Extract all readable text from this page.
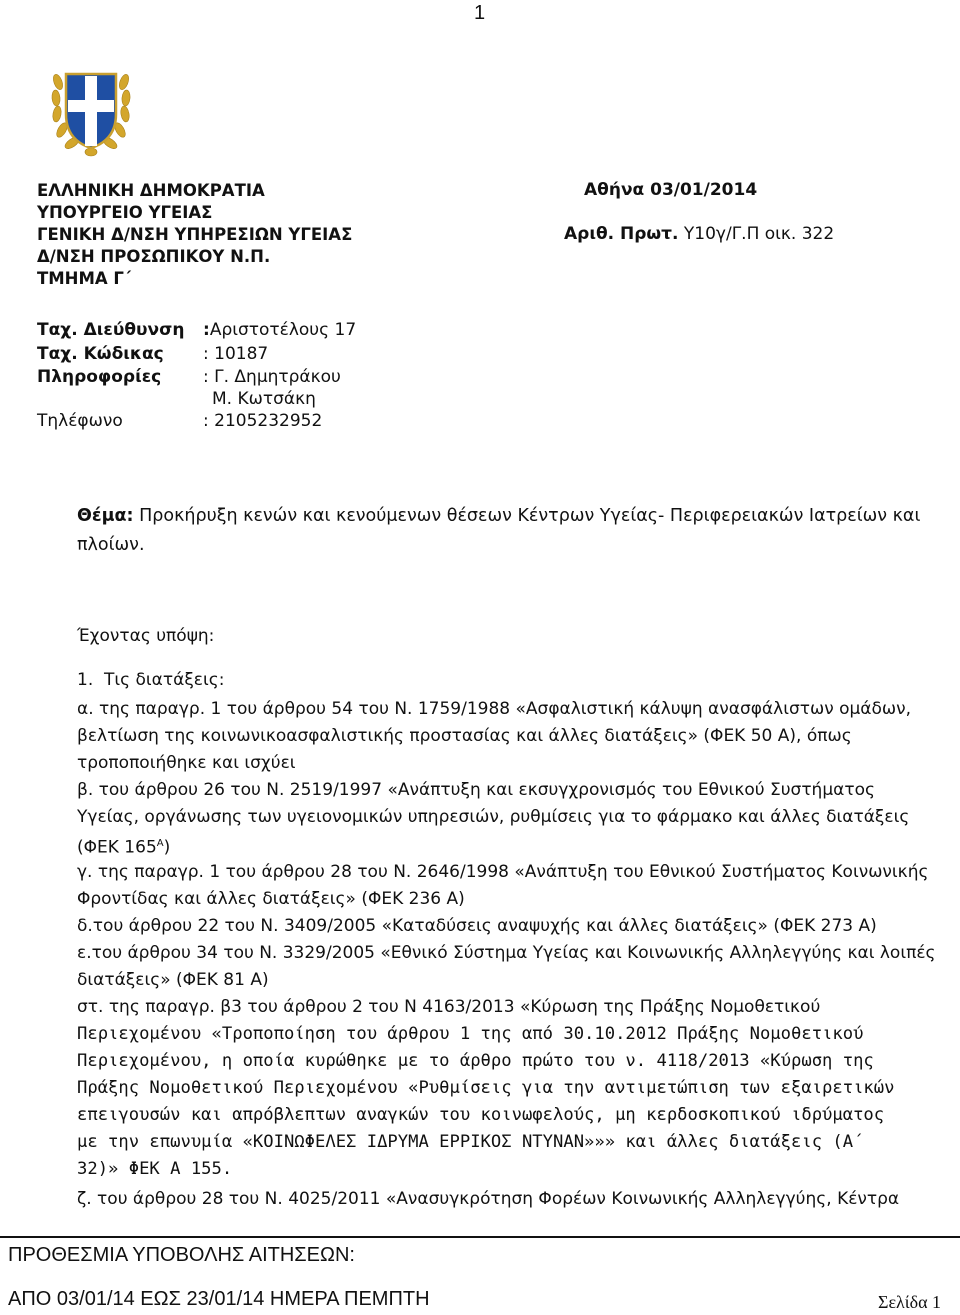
1
ΕΛΛΗΝΙΚΗ ΔΗΜΟΚΡΑΤΙΑ
ΥΠΟΥΡΓΕΙΟ ΥΓΕΙΑΣ
ΓΕΝΙΚΗ Δ/ΝΣΗ ΥΠΗΡΕΣΙΩΝ ΥΓΕΙΑΣ
Δ/ΝΣΗ ΠΡΟΣΩΠΙΚΟΥ Ν.Π.
ΤΜΗΜΑ Γ΄
Αθήνα 03/01/2014
Αριθ. Πρωτ. Υ10γ/Γ.Π οικ. 322
Ταχ. Διεύθυνση :Αριστοτέλους 17
Ταχ. Κώδικας : 10187
Πληροφορίες : Γ. Δημητράκου
Μ. Κωτσάκη
Τηλέφωνο	: 2105232952
Θέμα: Προκήρυξη κενών και κενούμενων θέσεων Κέντρων Υγείας- Περιφερειακών Ιατρείων και
πλοίων.
Έχοντας υπόψη:
1. Τις διατάξεις:
α. της παραγρ. 1 του άρθρου 54 του Ν. 1759/1988 «Ασφαλιστική κάλυψη ανασφάλιστων ομάδων,
βελτίωση της κοινωνικοασφαλιστικής προστασίας και άλλες διατάξεις» (ΦΕΚ 50 Α), όπως
τροποποιήθηκε και ισχύει
β. του άρθρου 26 του Ν. 2519/1997 «Ανάπτυξη και εκσυγχρονισμός του Εθνικού Συστήματος
Υγείας, οργάνωσης των υγειονομικών υπηρεσιών, ρυθμίσεις για το φάρμακο και άλλες διατάξεις
(ΦΕΚ $165^A$)
γ. της παραγρ. 1 του άρθρου 28 του Ν. 2646/1998 «Ανάπτυξη του Εθνικού Συστήματος Κοινωνικής
Φροντίδας και άλλες διατάξεις» (ΦΕΚ 236 Α)
δ.του άρθρου 22 του Ν. 3409/2005 «Καταδύσεις αναψυχής και άλλες διατάξεις» (ΦΕΚ 273 Α)
ε.του άρθρου 34 του Ν. 3329/2005 «Εθνικό Σύστημα Υγείας και Κοινωνικής Αλληλεγγύης και λοιπές
διατάξεις» (ΦΕΚ 81 Α)
στ. της παραγρ. β3 του άρθρου 2 του Ν 4163/2013 «Κύρωση της Πράξης Νομοθετικού
Περιεχομένου «Τροποποίηση του άρθρου 1 της από 30.10.2012 Πράξης Νομοθετικού
Περιεχομένου, η οποία κυρώθηκε με το άρθρο πρώτο του ν. 4118/2013 «Κύρωση της
Πράξης Νομοθετικού Περιεχομένου «Ρυθμίσεις για την αντιμετώπιση των εξαιρετικών
επειγουσών και απρόβλεπτων αναγκών του κοινωφελούς, μη κερδοσκοπικού ιδρύματος
με την επωνυμία «ΚΟΙΝΩΦΕΛΕΣ ΙΔΡΥΜΑ ΕΡΡΙΚΟΣ ΝΤΥΝΑΝ»»» και άλλες διατάξεις (Α΄
32)» ΦΕΚ Α 155.
ζ. του άρθρου 28 του Ν. 4025/2011 «Ανασυγκρότηση Φορέων Κοινωνικής Αλληλεγγύης, Κέντρα
ΠΡΟΘΕΣΜΙΑ ΥΠΟΒΟΛΗΣ ΑΙΤΗΣΕΩΝ:
ΑΠΟ 03/01/14 ΕΩΣ 23/01/14 ΗΜΕΡΑ ΠΕΜΠΤΗ	Σελίδα 1
